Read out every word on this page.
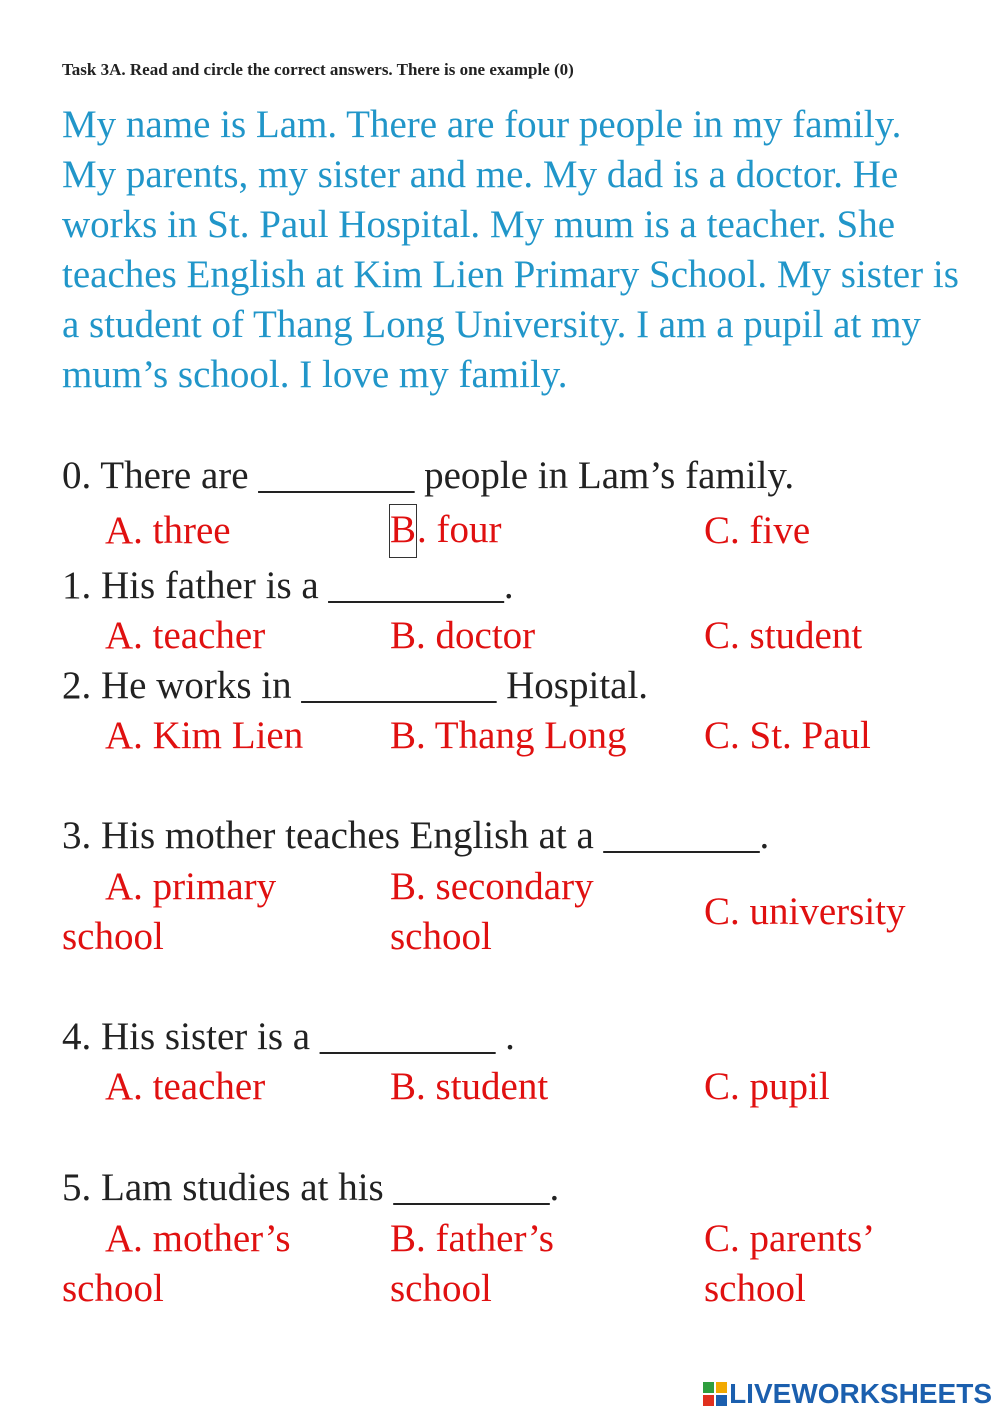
Task 3A. Read and circle the correct answers. There is one example (0)
My name is Lam. There are four people in my family. My parents, my sister and me. My dad is a doctor. He works in St. Paul Hospital. My mum is a teacher. She teaches English at Kim Lien Primary School. My sister is a student of Thang Long University. I am a pupil at my mum’s school. I love my family.
0. There are ________ people in Lam’s family.
A. three	B. four	C. five
1. His father is a _________.
A. teacher	B. doctor	C. student
2. He works in __________ Hospital.
A. Kim Lien B. Thang Long C. St. Paul
3. His mother teaches English at a ________.
A. primary
school
B. secondary
school
C. university
4. His sister is a _________ .
A. teacher	B. student	C. pupil
5. Lam studies at his ________.
A. mother’s
school
B. father’s
school
C. parents’
school
LIVEWORKSHEETS
